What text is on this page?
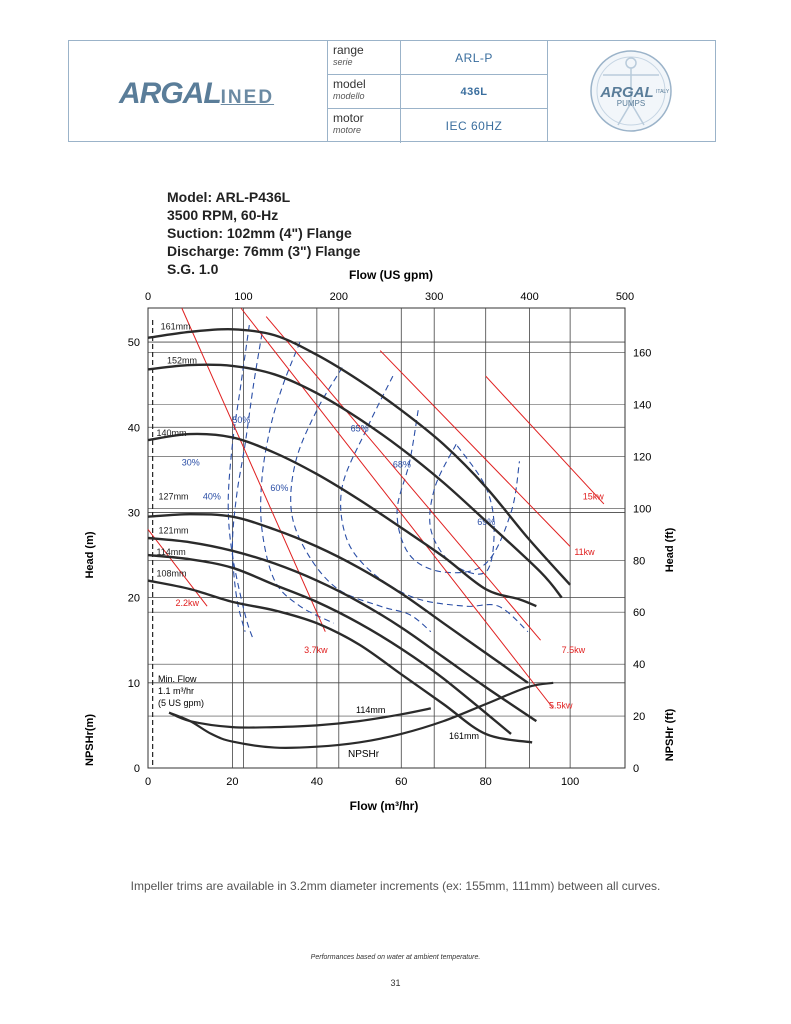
ARGALINED
range
serie	ARL-P
model
modello	436L
motor
motore	IEC 60HZ
ARGAL ITALY
PUMPS
Model: ARL-P436L
3500 RPM, 60-Hz
Suction: 102mm (4") Flange
Discharge: 76mm (3") Flange
S.G. 1.0
0	100	200	300	400	500
0	20	40	60	80	100
0
10
20
30
40
50
0
20
40
60
80
100
120
140
160
30%
40%
50%
60%
65%
68%
69%
2.2kw
3.7kw
5.5kw
7.5kw
11kw
15kw
161mm
152mm
140mm
127mm
121mm
114mm
108mm
Flow (US gpm)
Flow (m³/hr)
Head (m)
NPSHr(m)
Head (ft)
NPSHr (ft)
Min. Flow
1.1 m³/hr
(5 US gpm)
NPSHr
114mm
161mm
Impeller trims are available in 3.2mm diameter increments (ex: 155mm, 111mm) between all curves.
Performances based on water at ambient temperature.
31
